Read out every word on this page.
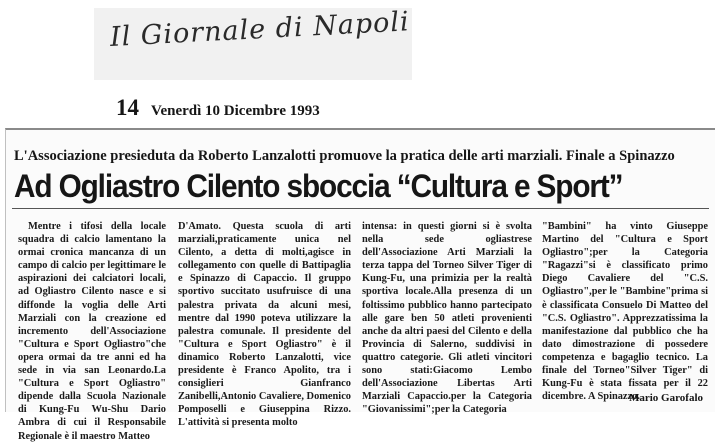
Il Giornale di Napoli
14 Venerdì 10 Dicembre 1993
L'Associazione presieduta da Roberto Lanzalotti promuove la pratica delle arti marziali. Finale a Spinazzo
Ad Ogliastro Cilento sboccia “Cultura e Sport”

Mentre i tifosi della locale squadra di calcio lamentano la ormai cronica mancanza di un campo di calcio per legittimare le aspirazioni dei calciatori locali, ad Ogliastro Cilento nasce e si diffonde la voglia delle Arti Marziali con la creazione ed incremento dell'Associazione "Cultura e Sport Ogliastro"che opera ormai da tre anni ed ha sede in via san Leonardo.La "Cultura e Sport Ogliastro" dipende dalla Scuola Nazionale di Kung-Fu Wu-Shu Dario Ambra di cui il Responsabile Regionale è il maestro Matteo

D'Amato. Questa scuola di arti marziali,praticamente unica nel Cilento, a detta di molti,agisce in collegamento con quelle di Battipaglia e Spinazzo di Capaccio. Il gruppo sportivo succitato usufruisce di una palestra privata da alcuni mesi, mentre dal 1990 poteva utilizzare la palestra comunale. Il presidente del "Cultura e Sport Ogliastro" è il dinamico Roberto Lanzalotti, vice presidente è Franco Apolito, tra i consiglieri Gianfranco Zanibelli,Antonio Cavaliere, Domenico Pomposelli e Giuseppina Rizzo. L'attività si presenta molto

intensa: in questi giorni si è svolta nella sede ogliastrese dell'Associazione Arti Marziali la terza tappa del Torneo Silver Tiger di Kung-Fu, una primizia per la realtà sportiva locale.Alla presenza di un foltissimo pubblico hanno partecipato alle gare ben 50 atleti provenienti anche da altri paesi del Cilento e della Provincia di Salerno, suddivisi in quattro categorie. Gli atleti vincitori sono stati:Giacomo Lembo dell'Associazione Libertas Arti Marziali Capaccio.per la Categoria "Giovanissimi";per la Categoria

"Bambini" ha vinto Giuseppe Martino del "Cultura e Sport Ogliastro";per la Categoria "Ragazzi"si è classificato primo Diego Cavaliere del "C.S. Ogliastro",per le "Bambine"prima si è classificata Consuelo Di Matteo del "C.S. Ogliastro". Apprezzatissima la manifestazione dal pubblico che ha dato dimostrazione di possedere competenza e bagaglio tecnico. La finale del Torneo"Silver Tiger" di Kung-Fu è stata fissata per il 22 dicembre. A Spinazzo.

Mario Garofalo
